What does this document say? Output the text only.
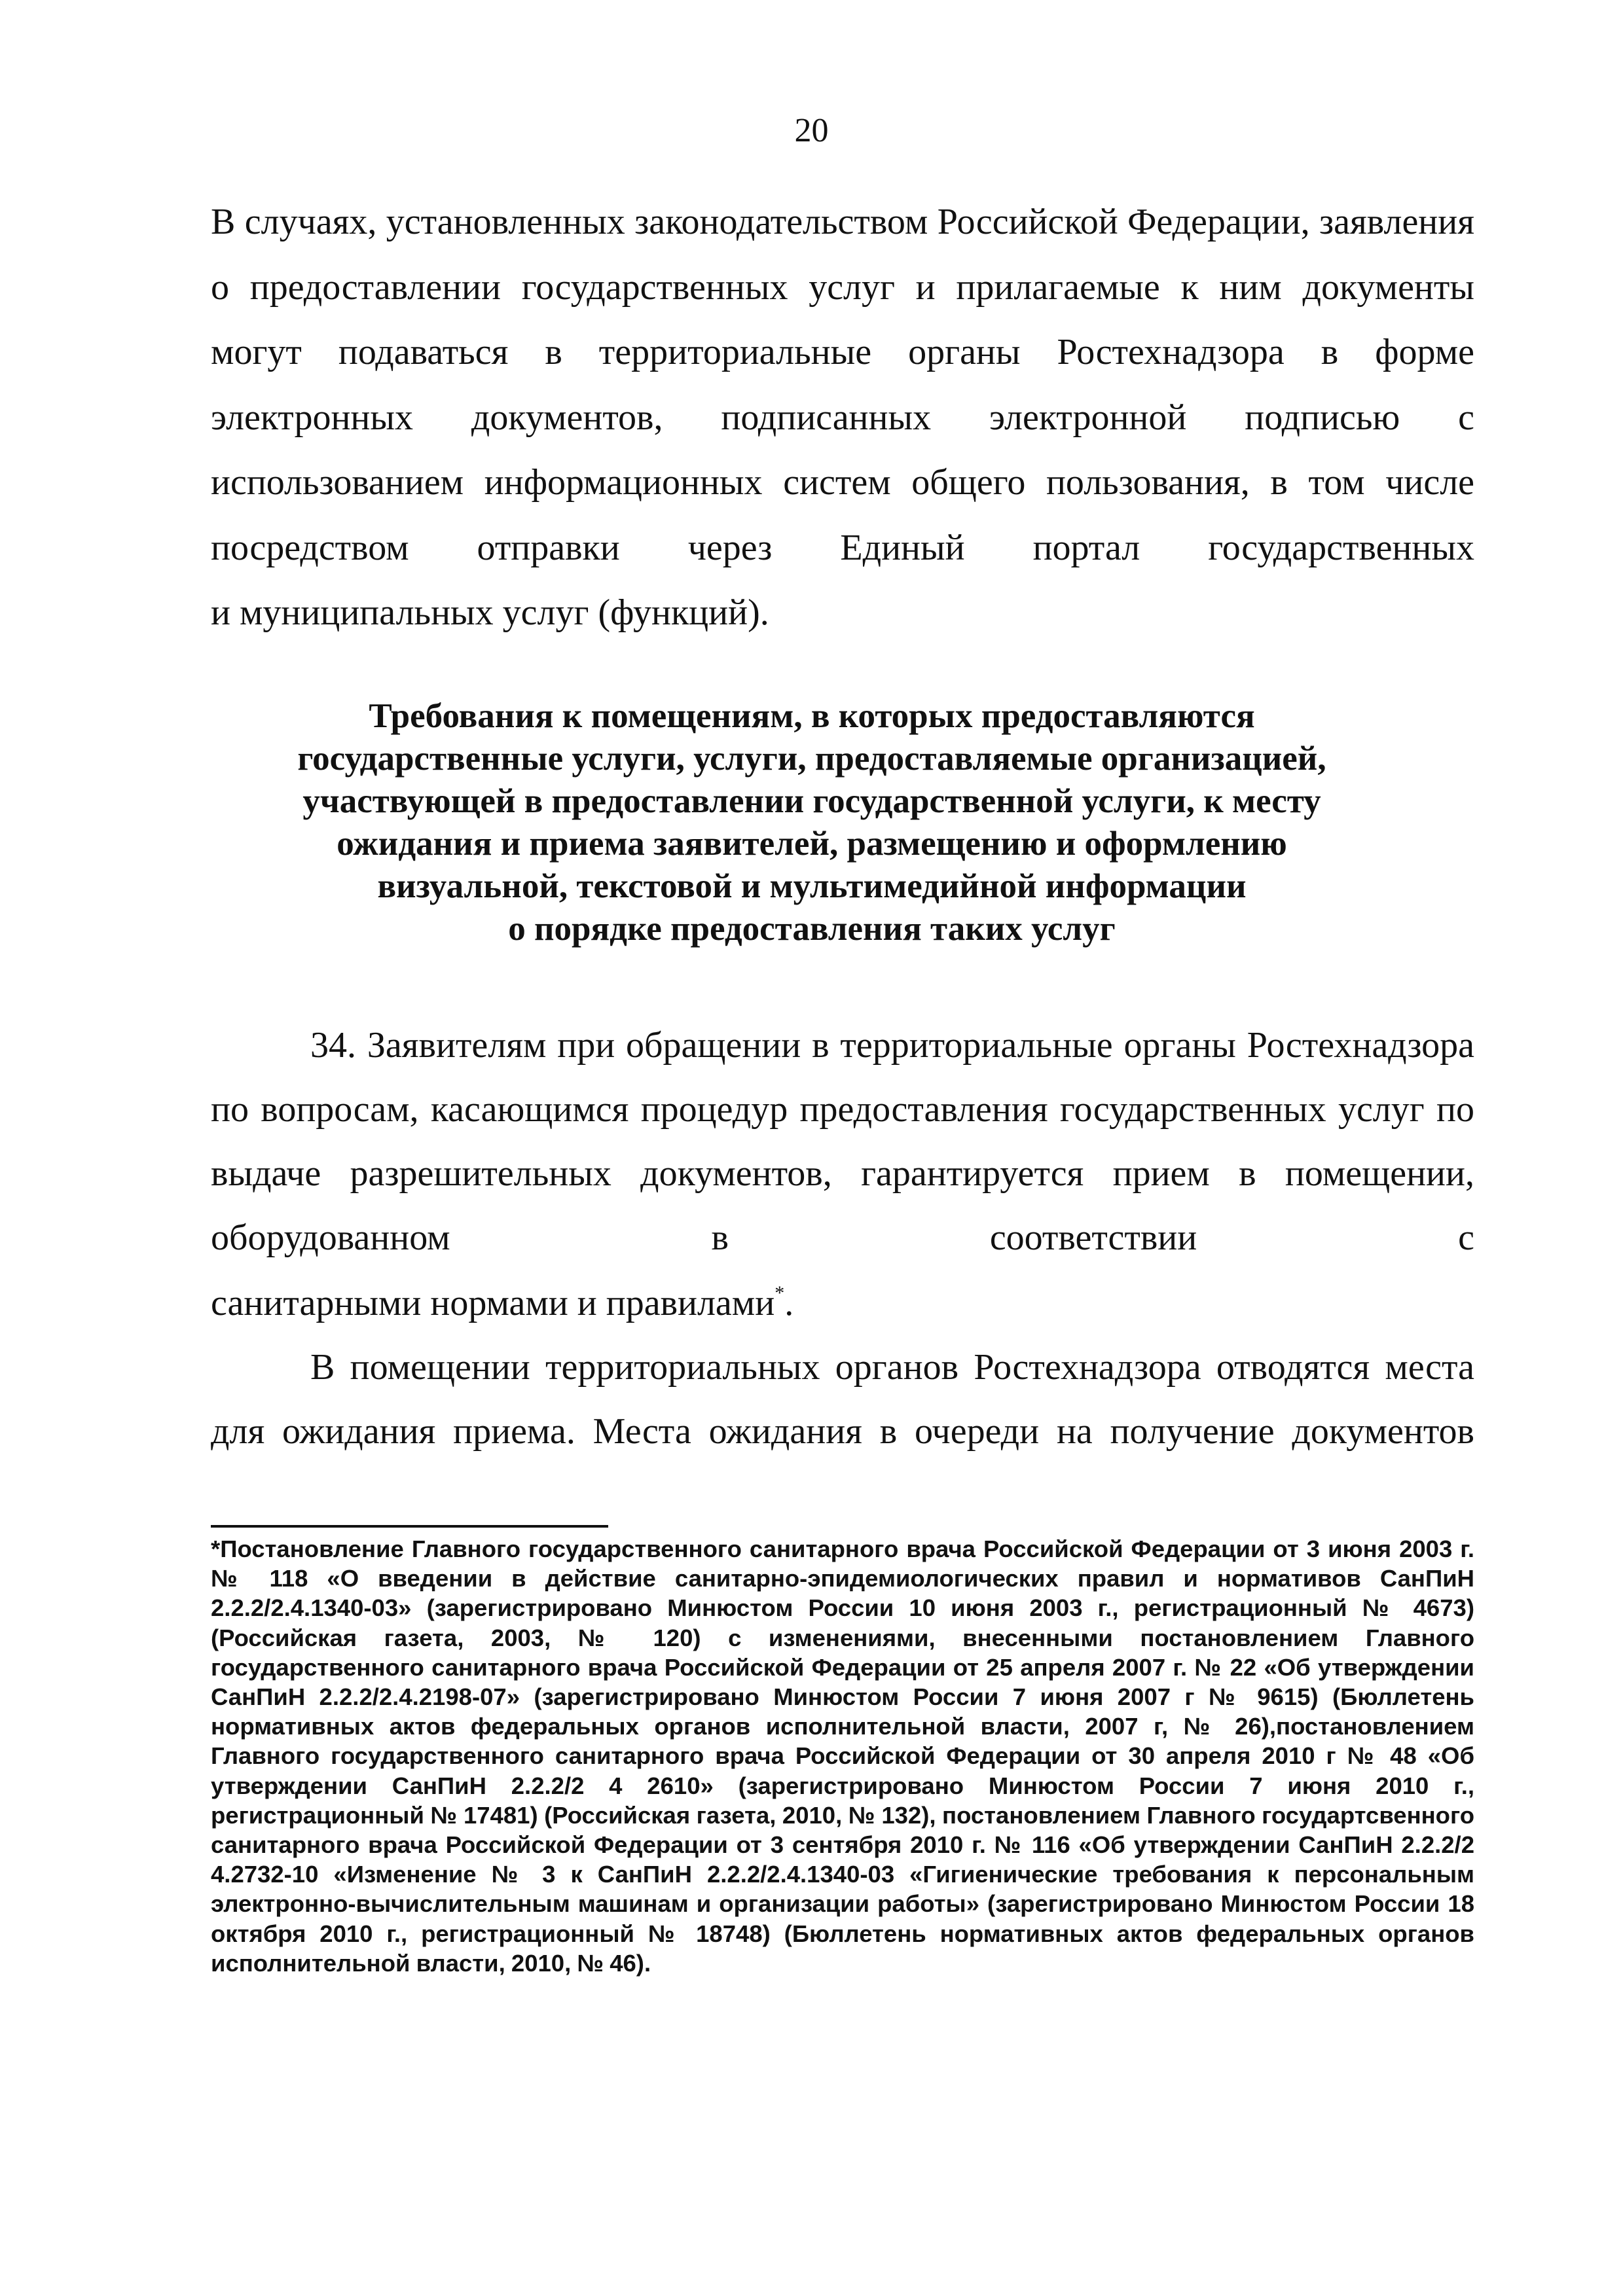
20

В случаях, установленных законодательством Российской Федерации, заявления о предоставлении государственных услуг и прилагаемые к ним документы могут подаваться в территориальные органы Ростехнадзора в форме электронных документов, подписанных электронной подписью с использованием информационных систем общего пользования, в том числе посредством отправки через Единый портал государственных

и муниципальных услуг (функций).

Требования к помещениям, в которых предоставляются
государственные услуги, услуги, предоставляемые организацией,
участвующей в предоставлении государственной услуги, к месту
ожидания и приема заявителей, размещению и оформлению
визуальной, текстовой и мультимедийной информации
о порядке предоставления таких услуг
34. Заявителям при обращении в территориальные органы Ростехнадзора по вопросам, касающимся процедур предоставления государственных услуг по выдаче разрешительных документов, гарантируется прием в помещении, оборудованном в соответствии с
санитарными нормами и правилами*.
В помещении территориальных органов Ростехнадзора отводятся места для ожидания приема. Места ожидания в очереди на получение документов

*Постановление Главного государственного санитарного врача Российской Федерации от 3 июня 2003 г. № 118 «О введении в действие санитарно-эпидемиологических правил и нормативов СанПиН 2.2.2/2.4.1340-03» (зарегистрировано Минюстом России 10 июня 2003 г., регистрационный № 4673) (Российская газета, 2003, № 120) с изменениями, внесенными постановлением Главного государственного санитарного врача Российской Федерации от 25 апреля 2007 г. № 22 «Об утверждении СанПиН 2.2.2/2.4.2198-07» (зарегистрировано Минюстом России 7 июня 2007 г № 9615) (Бюллетень нормативных актов федеральных органов исполнительной власти, 2007 г, № 26),постановлением Главного государственного санитарного врача Российской Федерации от 30 апреля 2010 г № 48 «Об утверждении СанПиН 2.2.2/2 4 2610» (зарегистрировано Минюстом России 7 июня 2010 г., регистрационный № 17481) (Российская газета, 2010, № 132), постановлением Главного государтсвенного санитарного врача Российской Федерации от 3 сентября 2010 г. № 116 «Об утверждении СанПиН 2.2.2/2 4.2732-10 «Изменение № 3 к СанПиН 2.2.2/2.4.1340-03 «Гигиенические требования к персональным электронно-вычислительным машинам и организации работы» (зарегистрировано Минюстом России 18 октября 2010 г., регистрационный № 18748) (Бюллетень нормативных актов федеральных органов исполнительной власти, 2010, № 46).
